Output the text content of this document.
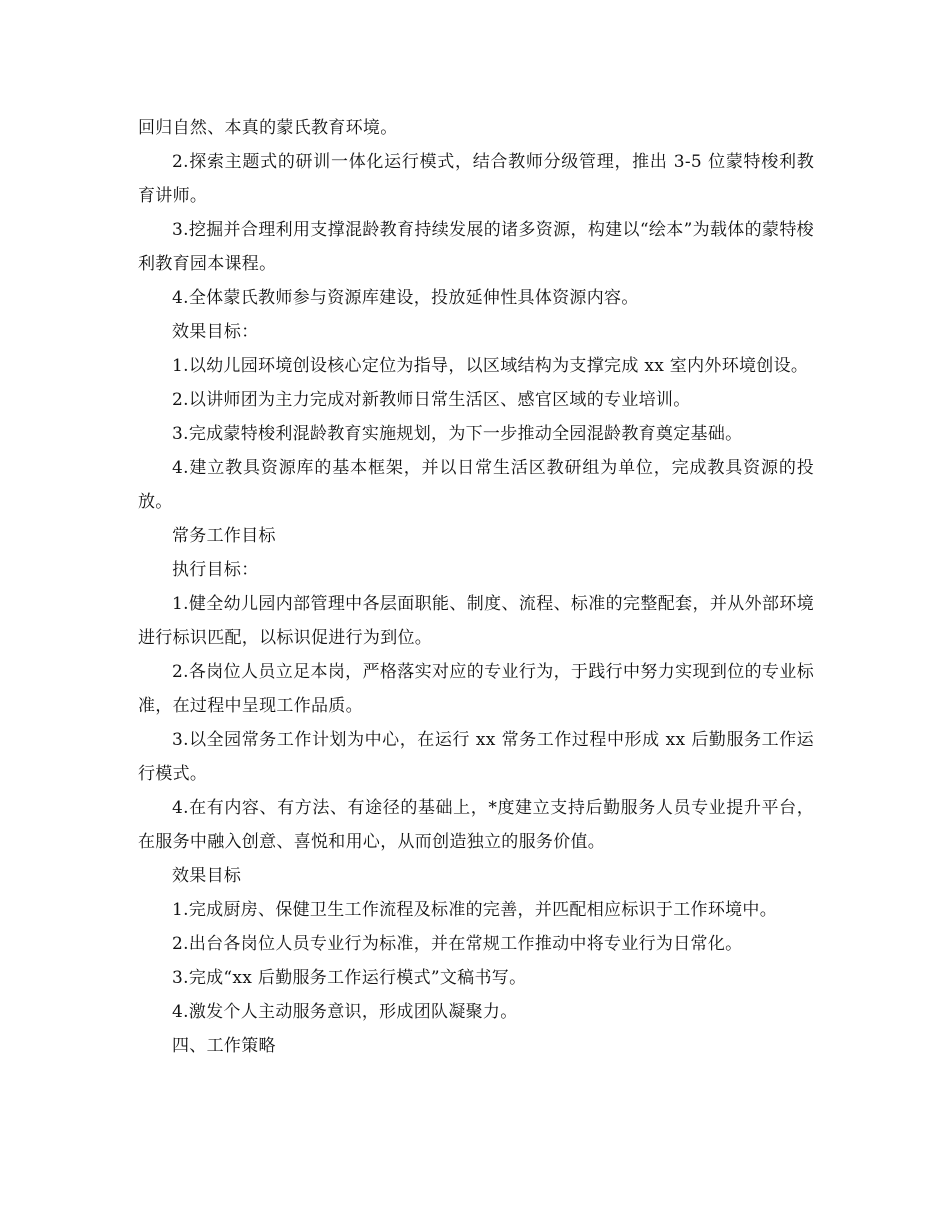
回归自然、本真的蒙氏教育环境。

2.探索主题式的研训一体化运行模式，结合教师分级管理，推出 3-5 位蒙特梭利教育讲师。

3.挖掘并合理利用支撑混龄教育持续发展的诸多资源，构建以“绘本”为载体的蒙特梭利教育园本课程。

4.全体蒙氏教师参与资源库建设，投放延伸性具体资源内容。

效果目标：

1.以幼儿园环境创设核心定位为指导，以区域结构为支撑完成 xx 室内外环境创设。

2.以讲师团为主力完成对新教师日常生活区、感官区域的专业培训。

3.完成蒙特梭利混龄教育实施规划，为下一步推动全园混龄教育奠定基础。

4.建立教具资源库的基本框架，并以日常生活区教研组为单位，完成教具资源的投放。

常务工作目标

执行目标：

1.健全幼儿园内部管理中各层面职能、制度、流程、标准的完整配套，并从外部环境进行标识匹配，以标识促进行为到位。

2.各岗位人员立足本岗，严格落实对应的专业行为，于践行中努力实现到位的专业标准，在过程中呈现工作品质。

3.以全园常务工作计划为中心，在运行 xx 常务工作过程中形成 xx 后勤服务工作运行模式。

4.在有内容、有方法、有途径的基础上，*度建立支持后勤服务人员专业提升平台，在服务中融入创意、喜悦和用心，从而创造独立的服务价值。

效果目标

1.完成厨房、保健卫生工作流程及标准的完善，并匹配相应标识于工作环境中。

2.出台各岗位人员专业行为标准，并在常规工作推动中将专业行为日常化。

3.完成“xx 后勤服务工作运行模式”文稿书写。

4.激发个人主动服务意识，形成团队凝聚力。

四、工作策略
